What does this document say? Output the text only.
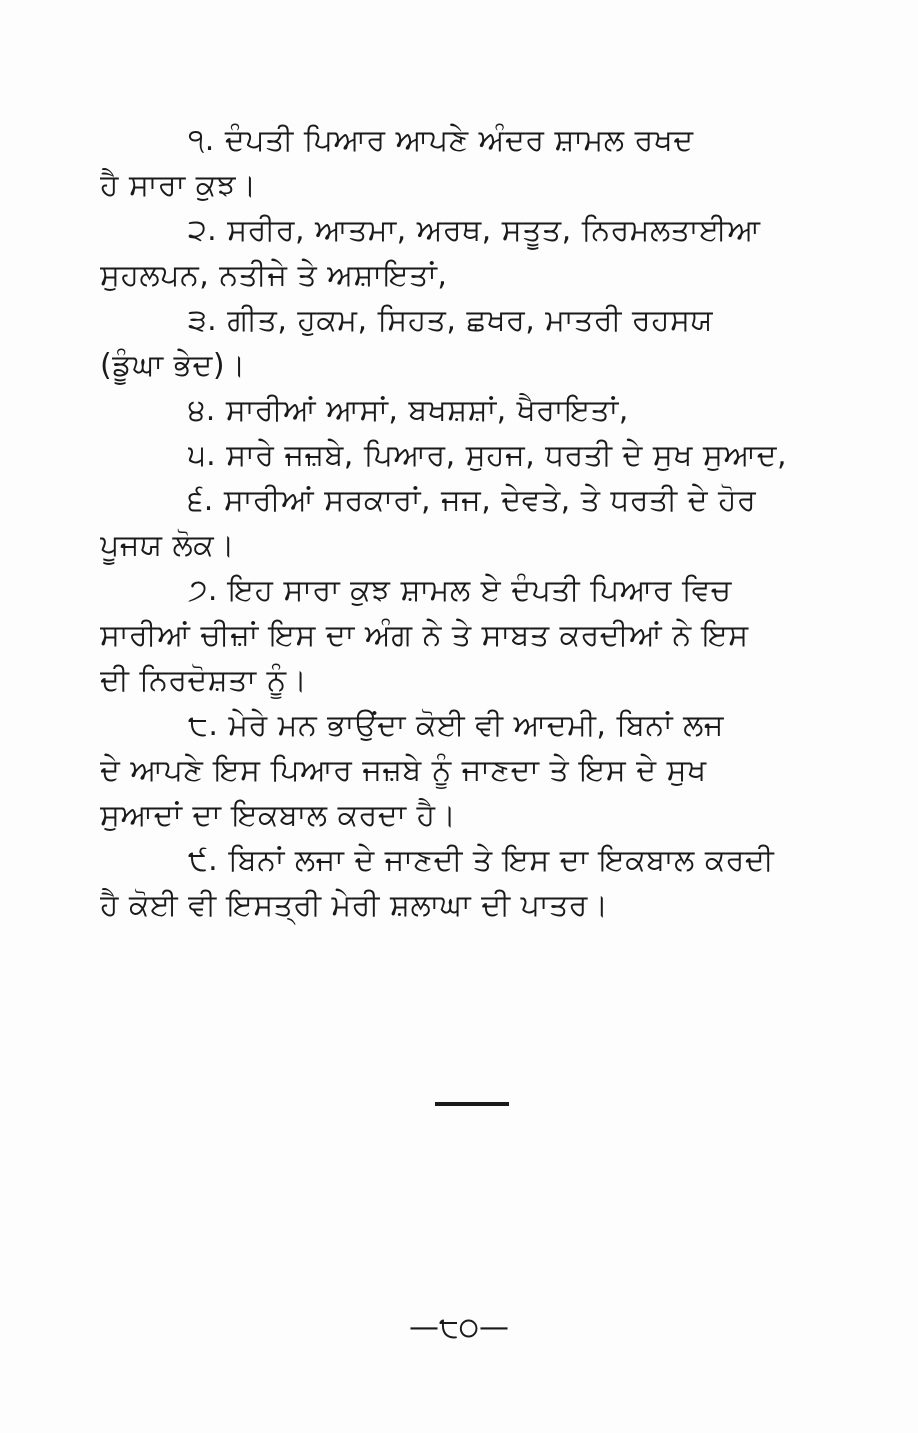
੧. ਦੰਪਤੀ ਪਿਆਰ ਆਪਣੇ ਅੰਦਰ ਸ਼ਾਮਲ ਰਖਦ
ਹੈ ਸਾਰਾ ਕੁਝ।
੨. ਸਰੀਰ, ਆਤਮਾ, ਅਰਥ, ਸਤੂਤ, ਨਿਰਮਲਤਾਈਆ
ਸੁਹਲਪਨ, ਨਤੀਜੇ ਤੇ ਅਸ਼ਾਇਤਾਂ,
੩. ਗੀਤ, ਹੁਕਮ, ਸਿਹਤ, ਛਖਰ, ਮਾਤਰੀ ਰਹਸਯ
(ਡੂੰਘਾ ਭੇਦ)।
੪. ਸਾਰੀਆਂ ਆਸਾਂ, ਬਖਸ਼ਸ਼ਾਂ, ਖੈਰਾਇਤਾਂ,
੫. ਸਾਰੇ ਜਜ਼ਬੇ, ਪਿਆਰ, ਸੁਹਜ, ਧਰਤੀ ਦੇ ਸੁਖ ਸੁਆਦ,
੬. ਸਾਰੀਆਂ ਸਰਕਾਰਾਂ, ਜਜ, ਦੇਵਤੇ, ਤੇ ਧਰਤੀ ਦੇ ਹੋਰ
ਪੂਜਯ ਲੋਕ।
੭. ਇਹ ਸਾਰਾ ਕੁਝ ਸ਼ਾਮਲ ਏ ਦੰਪਤੀ ਪਿਆਰ ਵਿਚ
ਸਾਰੀਆਂ ਚੀਜ਼ਾਂ ਇਸ ਦਾ ਅੰਗ ਨੇ ਤੇ ਸਾਬਤ ਕਰਦੀਆਂ ਨੇ ਇਸ
ਦੀ ਨਿਰਦੋਸ਼ਤਾ ਨੂੰ।
੮. ਮੇਰੇ ਮਨ ਭਾਉਂਦਾ ਕੋਈ ਵੀ ਆਦਮੀ, ਬਿਨਾਂ ਲਜ
ਦੇ ਆਪਣੇ ਇਸ ਪਿਆਰ ਜਜ਼ਬੇ ਨੂੰ ਜਾਣਦਾ ਤੇ ਇਸ ਦੇ ਸੁਖ
ਸੁਆਦਾਂ ਦਾ ਇਕਬਾਲ ਕਰਦਾ ਹੈ।
੯. ਬਿਨਾਂ ਲਜਾ ਦੇ ਜਾਣਦੀ ਤੇ ਇਸ ਦਾ ਇਕਬਾਲ ਕਰਦੀ
ਹੈ ਕੋਈ ਵੀ ਇਸਤ੍ਰੀ ਮੇਰੀ ਸ਼ਲਾਘਾ ਦੀ ਪਾਤਰ।
—੮੦—
